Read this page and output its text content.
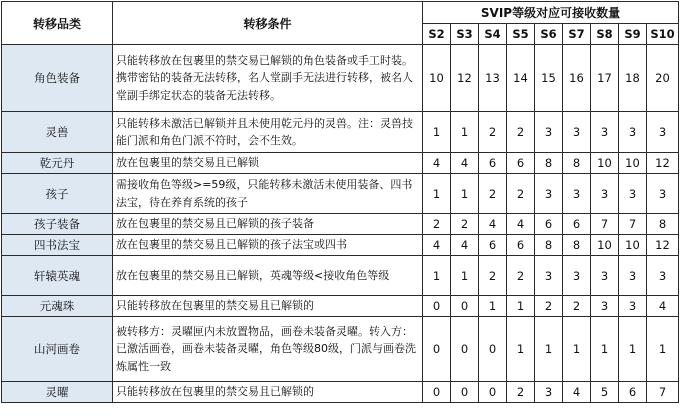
转移品类	转移条件	SVIP等级对应可接收数量								
		S2	S3	S4	S5	S6	S7	S8	S9	S10
角色装备	只能转移放在包裹里的禁交易已解锁的角色装备或手工时装。携带密钻的装备无法转移，名人堂副手无法进行转移，被名人堂副手绑定状态的装备无法转移。	10	12	13	14	15	16	17	18	20
灵兽	只能转移未激活已解锁并且未使用乾元丹的灵兽。注：灵兽技能门派和角色门派不符时，会不生效。	1	1	2	2	3	3	3	3	3
乾元丹	放在包裹里的禁交易且已解锁	4	4	6	6	8	8	10	10	12
孩子	需接收角色等级>=59级，只能转移未激活未使用装备、四书法宝，待在养育系统的孩子	1	1	2	2	3	3	3	3	3
孩子装备	放在包裹里的禁交易且已解锁的孩子装备	2	2	4	4	6	6	7	7	8
四书法宝	放在包裹里的禁交易且已解锁的孩子法宝或四书	4	4	6	6	8	8	10	10	12
轩辕英魂	放在包裹里的禁交易且已解锁，英魂等级<接收角色等级	1	1	2	2	3	3	3	3	3
元魂珠	只能转移放在包裹里的禁交易且已解锁的	0	0	1	1	2	2	3	3	4
山河画卷	被转移方：灵曜匣内未放置物品，画卷未装备灵曜。转入方：已激活画卷，画卷未装备灵曜，角色等级80级，门派与画卷洗炼属性一致	0	0	0	1	1	1	1	1	1
灵曜	只能转移放在包裹里的禁交易且已解锁的	0	0	0	2	3	4	5	6	7
